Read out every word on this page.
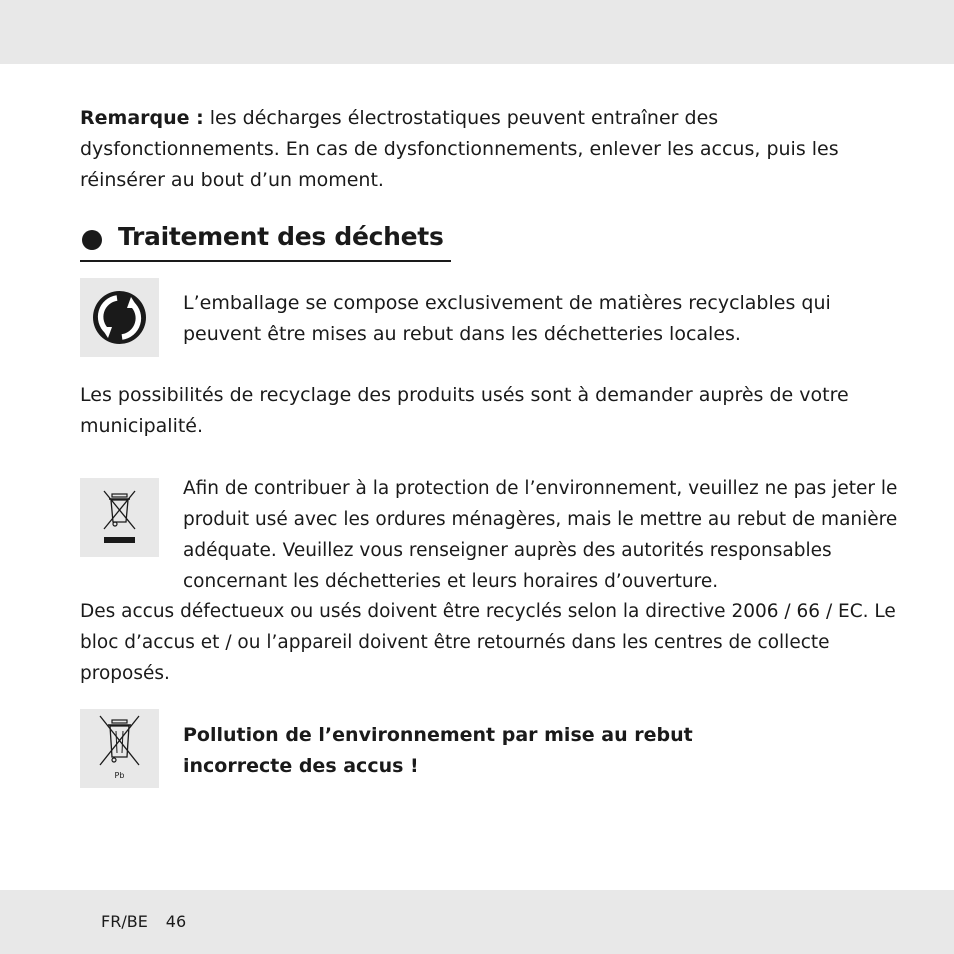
Remarque : les décharges électrostatiques peuvent entraîner des dysfonctionnements. En cas de dysfonctionnements, enlever les accus, puis les réinsérer au bout d’un moment.

Traitement des déchets

L’emballage se compose exclusivement de matières recyclables qui peuvent être mises au rebut dans les déchetteries locales.

Les possibilités de recyclage des produits usés sont à demander auprès de votre municipalité.

Afin de contribuer à la protection de l’environnement, veuillez ne pas jeter le produit usé avec les ordures ménagères, mais le mettre au rebut de manière adéquate. Veuillez vous renseigner auprès des autorités responsables concernant les déchetteries et leurs horaires d’ouverture.

Des accus défectueux ou usés doivent être recyclés selon la directive 2006 / 66 / EC. Le bloc d’accus et / ou l’appareil doivent être retournés dans les centres de collecte proposés.

Pb

Pollution de l’environnement par mise au rebut incorrecte des accus !

FR/BE 46
